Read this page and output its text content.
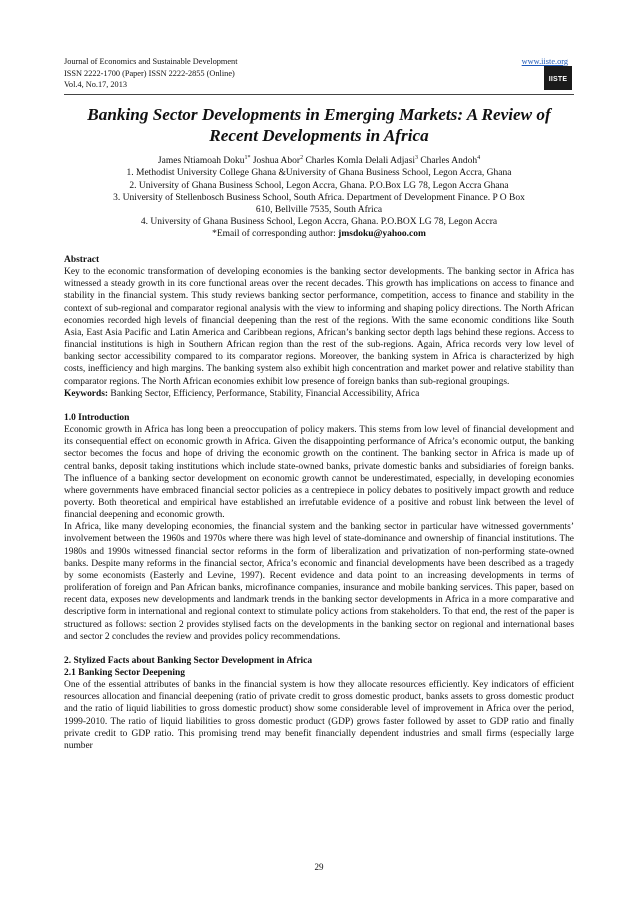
Journal of Economics and Sustainable Development
ISSN 2222-1700 (Paper) ISSN 2222-2855 (Online)
Vol.4, No.17, 2013
www.iiste.org
IISTE
Banking Sector Developments in Emerging Markets: A Review of
Recent Developments in Africa
James Ntiamoah Doku$^{1*}$ Joshua Abor$^2$ Charles Komla Delali Adjasi$^3$ Charles Andoh$^4$
1. Methodist University College Ghana &University of Ghana Business School, Legon Accra, Ghana
2. University of Ghana Business School, Legon Accra, Ghana. P.O.Box LG 78, Legon Accra Ghana
3. University of Stellenbosch Business School, South Africa. Department of Development Finance. P O Box
610, Bellville 7535, South Africa
4. University of Ghana Business School, Legon Accra, Ghana. P.O.BOX LG 78, Legon Accra
*Email of corresponding author: jmsdoku@yahoo.com
Abstract

Key to the economic transformation of developing economies is the banking sector developments. The banking sector in Africa has witnessed a steady growth in its core functional areas over the recent decades. This growth has implications on access to finance and stability in the financial system. This study reviews banking sector performance, competition, access to finance and stability in the context of sub-regional and comparator regional analysis with the view to informing and shaping policy directions. The North African economies recorded high levels of financial deepening than the rest of the regions. With the same economic conditions like South Asia, East Asia Pacific and Latin America and Caribbean regions, African’s banking sector depth lags behind these regions. Access to financial institutions is high in Southern African region than the rest of the sub-regions. Again, Africa records very low level of banking sector accessibility compared to its comparator regions. Moreover, the banking system in Africa is characterized by high costs, inefficiency and high margins. The banking system also exhibit high concentration and market power and relative stability than comparator regions. The North African economies exhibit low presence of foreign banks than sub-regional groupings.

Keywords: Banking Sector, Efficiency, Performance, Stability, Financial Accessibility, Africa

1.0 Introduction

Economic growth in Africa has long been a preoccupation of policy makers. This stems from low level of financial development and its consequential effect on economic growth in Africa. Given the disappointing performance of Africa’s economic output, the banking sector becomes the focus and hope of driving the economic growth on the continent. The banking sector in Africa is made up of central banks, deposit taking institutions which include state-owned banks, private domestic banks and subsidiaries of foreign banks. The influence of a banking sector development on economic growth cannot be underestimated, especially, in developing economies where governments have embraced financial sector policies as a centrepiece in policy debates to positively impact growth and reduce poverty. Both theoretical and empirical have established an irrefutable evidence of a positive and robust link between the level of financial deepening and economic growth.

In Africa, like many developing economies, the financial system and the banking sector in particular have witnessed governments’ involvement between the 1960s and 1970s where there was high level of state-dominance and ownership of financial institutions. The 1980s and 1990s witnessed financial sector reforms in the form of liberalization and privatization of non-performing state-owned banks. Despite many reforms in the financial sector, Africa’s economic and financial developments have been described as a tragedy by some economists (Easterly and Levine, 1997). Recent evidence and data point to an increasing developments in terms of proliferation of foreign and Pan African banks, microfinance companies, insurance and mobile banking services. This paper, based on recent data, exposes new developments and landmark trends in the banking sector developments in Africa in a more comparative and descriptive form in international and regional context to stimulate policy actions from stakeholders. To that end, the rest of the paper is structured as follows: section 2 provides stylised facts on the developments in the banking sector on regional and international bases and sector 2 concludes the review and provides policy recommendations.

2. Stylized Facts about Banking Sector Development in Africa
2.1 Banking Sector Deepening

One of the essential attributes of banks in the financial system is how they allocate resources efficiently. Key indicators of efficient resources allocation and financial deepening (ratio of private credit to gross domestic product, banks assets to gross domestic product and the ratio of liquid liabilities to gross domestic product) show some considerable level of improvement in Africa over the period, 1999-2010. The ratio of liquid liabilities to gross domestic product (GDP) grows faster followed by asset to GDP ratio and finally private credit to GDP ratio. This promising trend may benefit financially dependent industries and small firms (especially large number

29
